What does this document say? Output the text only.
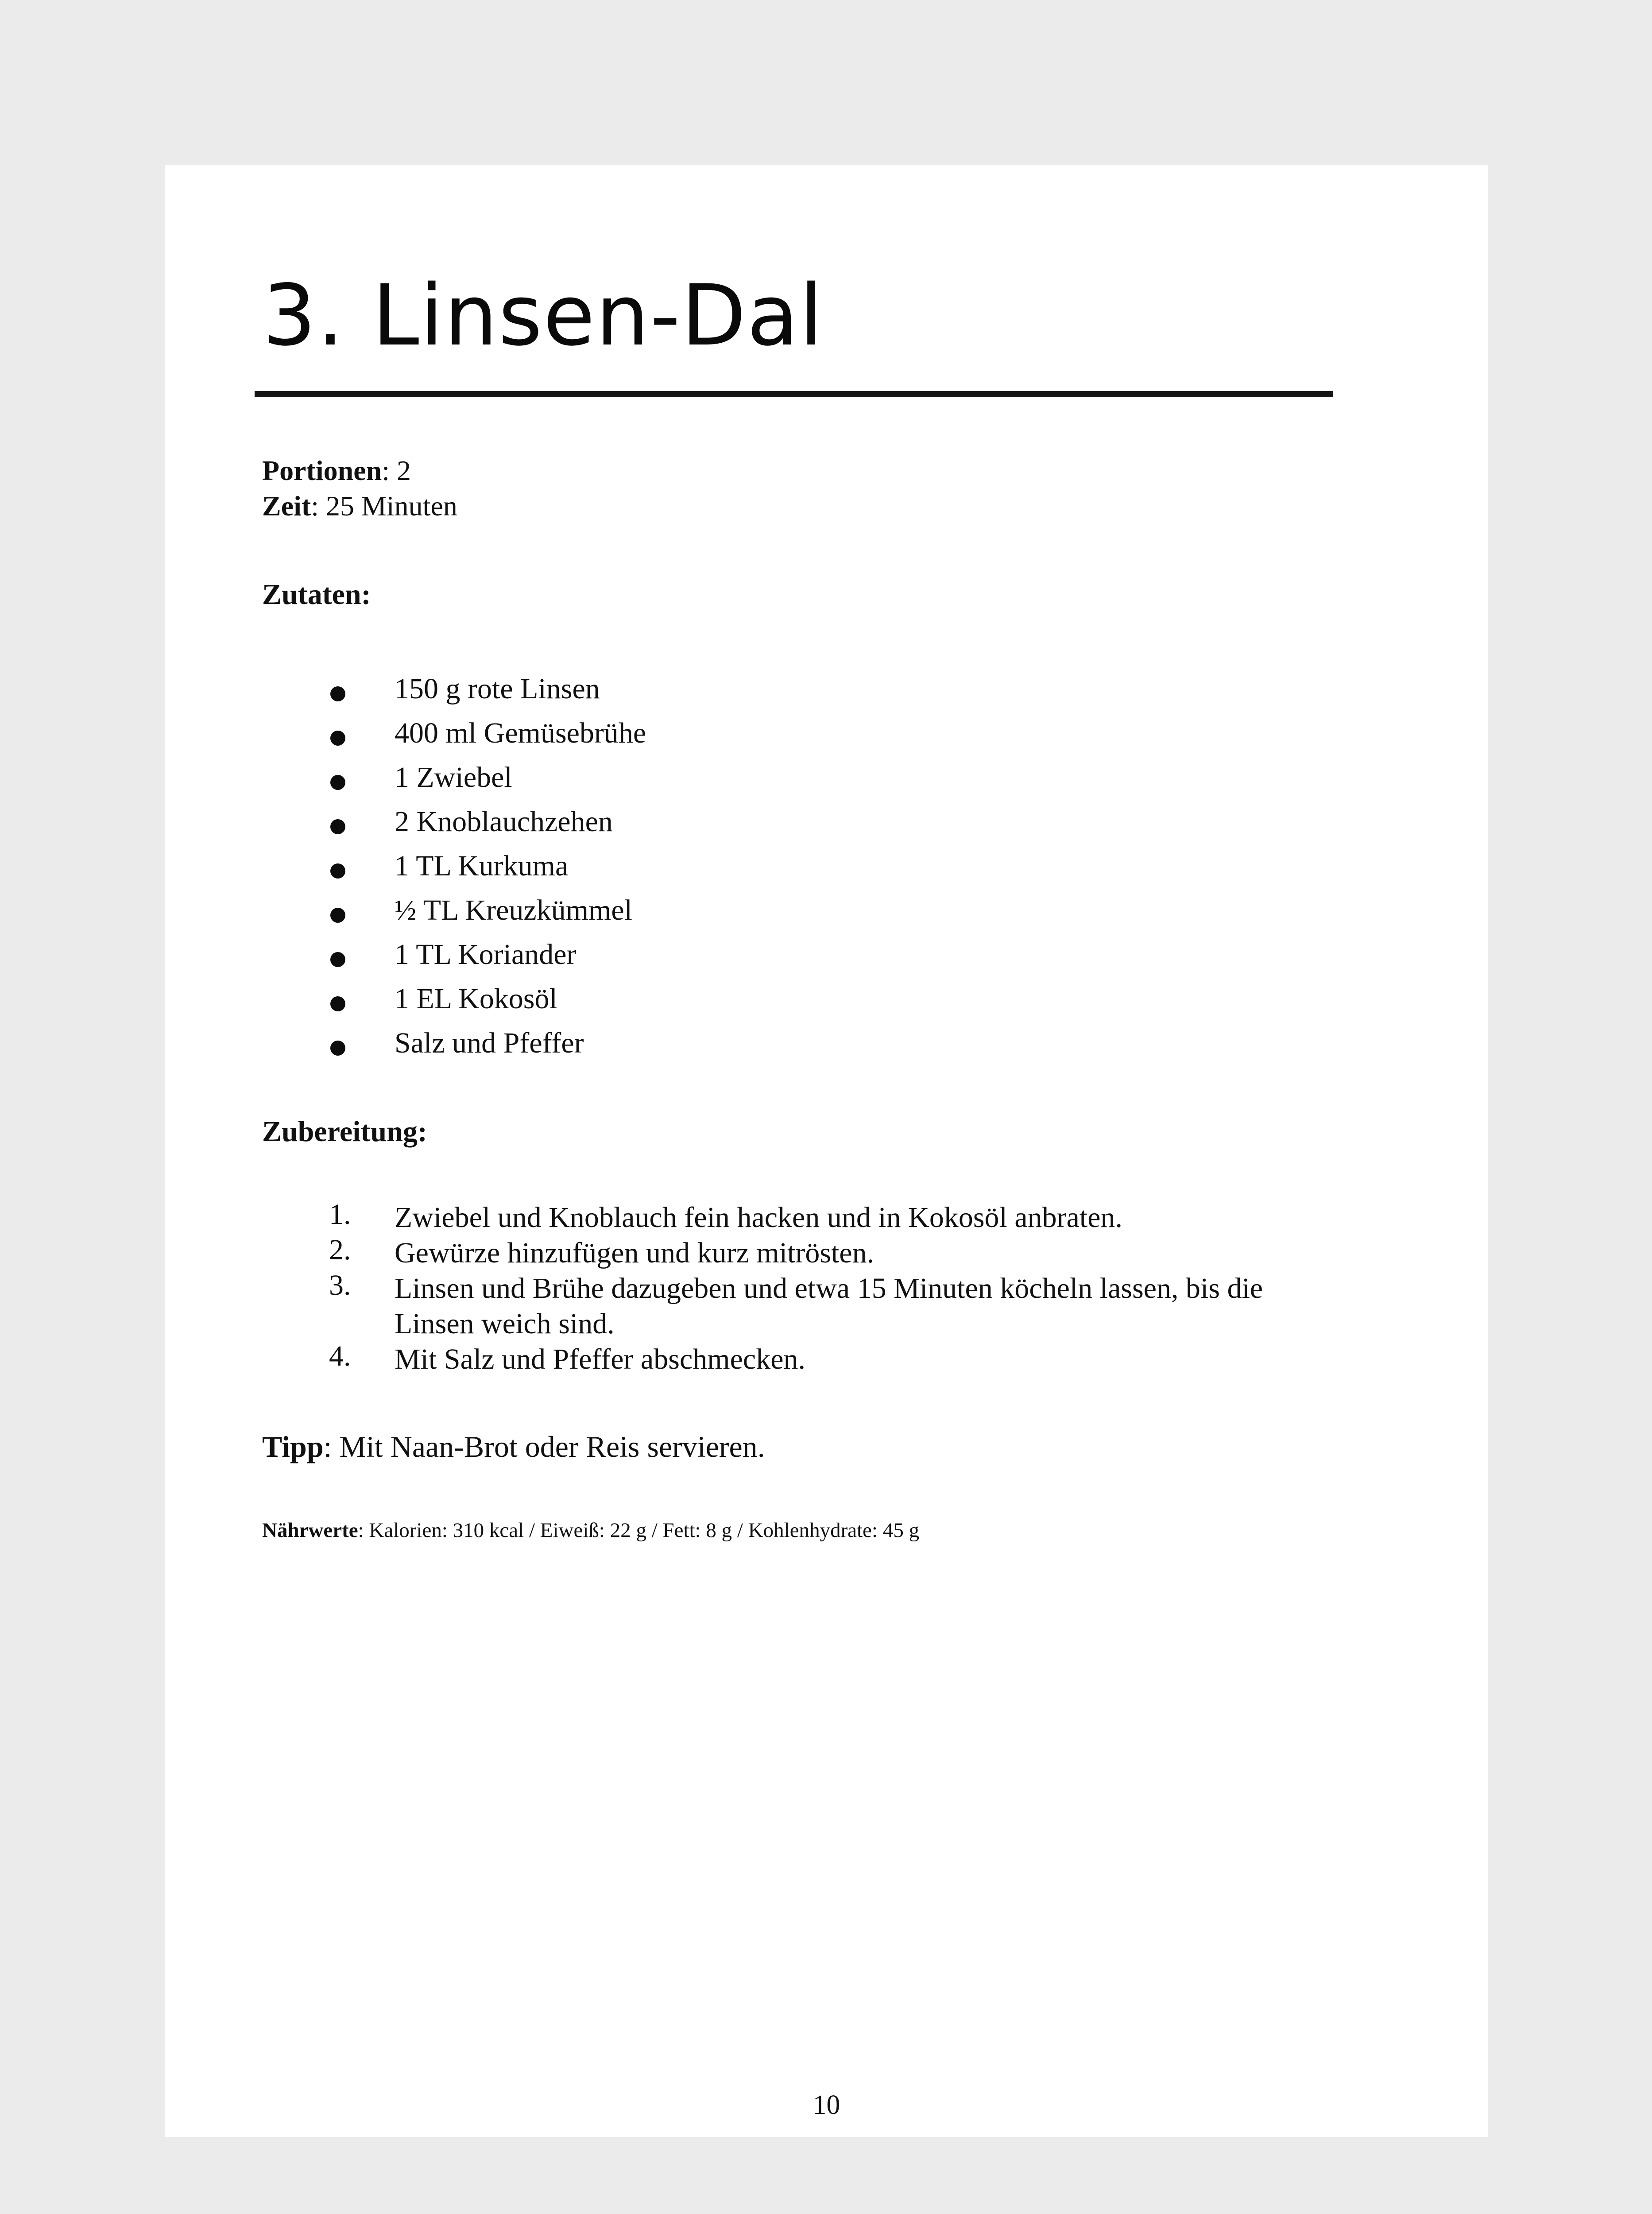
3. Linsen-Dal
Portionen: 2
Zeit: 25 Minuten
Zutaten:
150 g rote Linsen
400 ml Gemüsebrühe
1 Zwiebel
2 Knoblauchzehen
1 TL Kurkuma
½ TL Kreuzkümmel
1 TL Koriander
1 EL Kokosöl
Salz und Pfeffer
Zubereitung:
1. Zwiebel und Knoblauch fein hacken und in Kokosöl anbraten.
2. Gewürze hinzufügen und kurz mitrösten.
3. Linsen und Brühe dazugeben und etwa 15 Minuten köcheln lassen, bis die Linsen weich sind.
4. Mit Salz und Pfeffer abschmecken.
Tipp: Mit Naan-Brot oder Reis servieren.
Nährwerte: Kalorien: 310 kcal / Eiweiß: 22 g / Fett: 8 g / Kohlenhydrate: 45 g
10
